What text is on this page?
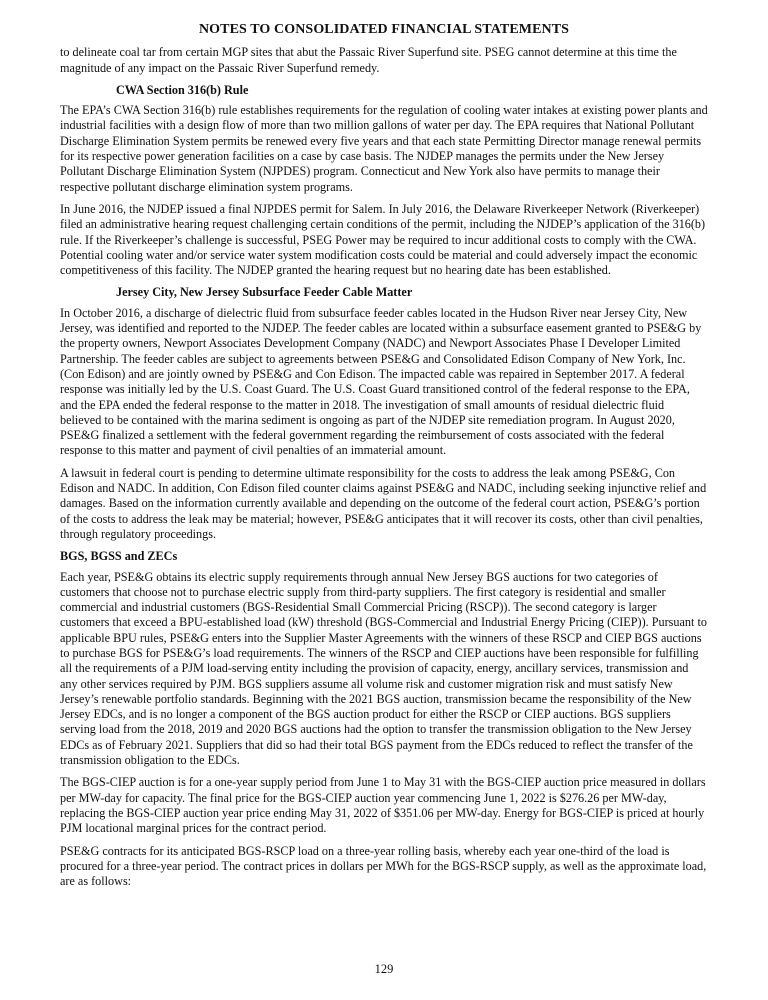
NOTES TO CONSOLIDATED FINANCIAL STATEMENTS

to delineate coal tar from certain MGP sites that abut the Passaic River Superfund site. PSEG cannot determine at this time the magnitude of any impact on the Passaic River Superfund remedy.

CWA Section 316(b) Rule

The EPA’s CWA Section 316(b) rule establishes requirements for the regulation of cooling water intakes at existing power plants and industrial facilities with a design flow of more than two million gallons of water per day. The EPA requires that National Pollutant Discharge Elimination System permits be renewed every five years and that each state Permitting Director manage renewal permits for its respective power generation facilities on a case by case basis. The NJDEP manages the permits under the New Jersey Pollutant Discharge Elimination System (NJPDES) program. Connecticut and New York also have permits to manage their respective pollutant discharge elimination system programs.

In June 2016, the NJDEP issued a final NJPDES permit for Salem. In July 2016, the Delaware Riverkeeper Network (Riverkeeper) filed an administrative hearing request challenging certain conditions of the permit, including the NJDEP’s application of the 316(b) rule. If the Riverkeeper’s challenge is successful, PSEG Power may be required to incur additional costs to comply with the CWA. Potential cooling water and/or service water system modification costs could be material and could adversely impact the economic competitiveness of this facility. The NJDEP granted the hearing request but no hearing date has been established.

Jersey City, New Jersey Subsurface Feeder Cable Matter

In October 2016, a discharge of dielectric fluid from subsurface feeder cables located in the Hudson River near Jersey City, New Jersey, was identified and reported to the NJDEP. The feeder cables are located within a subsurface easement granted to PSE&G by the property owners, Newport Associates Development Company (NADC) and Newport Associates Phase I Developer Limited Partnership. The feeder cables are subject to agreements between PSE&G and Consolidated Edison Company of New York, Inc. (Con Edison) and are jointly owned by PSE&G and Con Edison. The impacted cable was repaired in September 2017. A federal response was initially led by the U.S. Coast Guard. The U.S. Coast Guard transitioned control of the federal response to the EPA, and the EPA ended the federal response to the matter in 2018. The investigation of small amounts of residual dielectric fluid believed to be contained with the marina sediment is ongoing as part of the NJDEP site remediation program. In August 2020, PSE&G finalized a settlement with the federal government regarding the reimbursement of costs associated with the federal response to this matter and payment of civil penalties of an immaterial amount.

A lawsuit in federal court is pending to determine ultimate responsibility for the costs to address the leak among PSE&G, Con Edison and NADC. In addition, Con Edison filed counter claims against PSE&G and NADC, including seeking injunctive relief and damages. Based on the information currently available and depending on the outcome of the federal court action, PSE&G’s portion of the costs to address the leak may be material; however, PSE&G anticipates that it will recover its costs, other than civil penalties, through regulatory proceedings.

BGS, BGSS and ZECs

Each year, PSE&G obtains its electric supply requirements through annual New Jersey BGS auctions for two categories of customers that choose not to purchase electric supply from third-party suppliers. The first category is residential and smaller commercial and industrial customers (BGS-Residential Small Commercial Pricing (RSCP)). The second category is larger customers that exceed a BPU-established load (kW) threshold (BGS-Commercial and Industrial Energy Pricing (CIEP)). Pursuant to applicable BPU rules, PSE&G enters into the Supplier Master Agreements with the winners of these RSCP and CIEP BGS auctions to purchase BGS for PSE&G’s load requirements. The winners of the RSCP and CIEP auctions have been responsible for fulfilling all the requirements of a PJM load-serving entity including the provision of capacity, energy, ancillary services, transmission and any other services required by PJM. BGS suppliers assume all volume risk and customer migration risk and must satisfy New Jersey’s renewable portfolio standards. Beginning with the 2021 BGS auction, transmission became the responsibility of the New Jersey EDCs, and is no longer a component of the BGS auction product for either the RSCP or CIEP auctions. BGS suppliers serving load from the 2018, 2019 and 2020 BGS auctions had the option to transfer the transmission obligation to the New Jersey EDCs as of February 2021. Suppliers that did so had their total BGS payment from the EDCs reduced to reflect the transfer of the transmission obligation to the EDCs.

The BGS-CIEP auction is for a one-year supply period from June 1 to May 31 with the BGS-CIEP auction price measured in dollars per MW-day for capacity. The final price for the BGS-CIEP auction year commencing June 1, 2022 is $276.26 per MW-day, replacing the BGS-CIEP auction year price ending May 31, 2022 of $351.06 per MW-day. Energy for BGS-CIEP is priced at hourly PJM locational marginal prices for the contract period.

PSE&G contracts for its anticipated BGS-RSCP load on a three-year rolling basis, whereby each year one-third of the load is procured for a three-year period. The contract prices in dollars per MWh for the BGS-RSCP supply, as well as the approximate load, are as follows:

129
